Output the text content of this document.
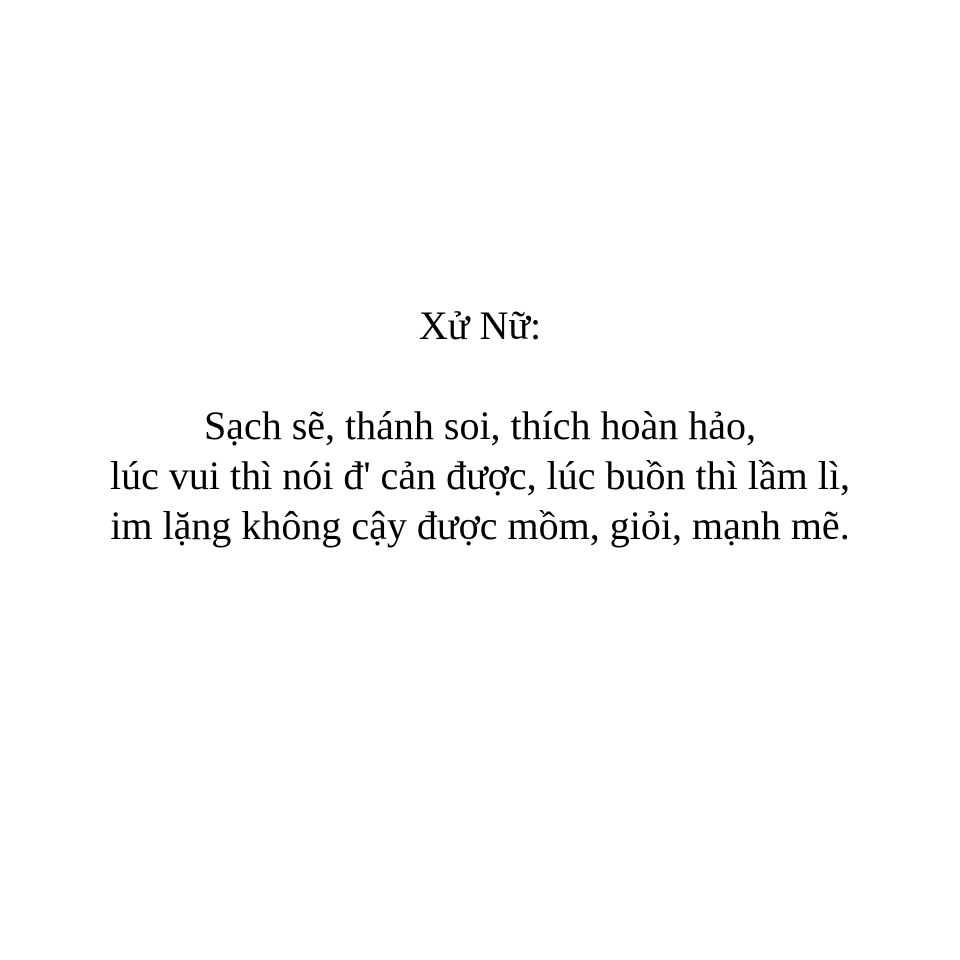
Xử Nữ:
Sạch sẽ, thánh soi, thích hoàn hảo,
lúc vui thì nói đ' cản được, lúc buồn thì lầm lì,
im lặng không cậy được mồm, giỏi, mạnh mẽ.
